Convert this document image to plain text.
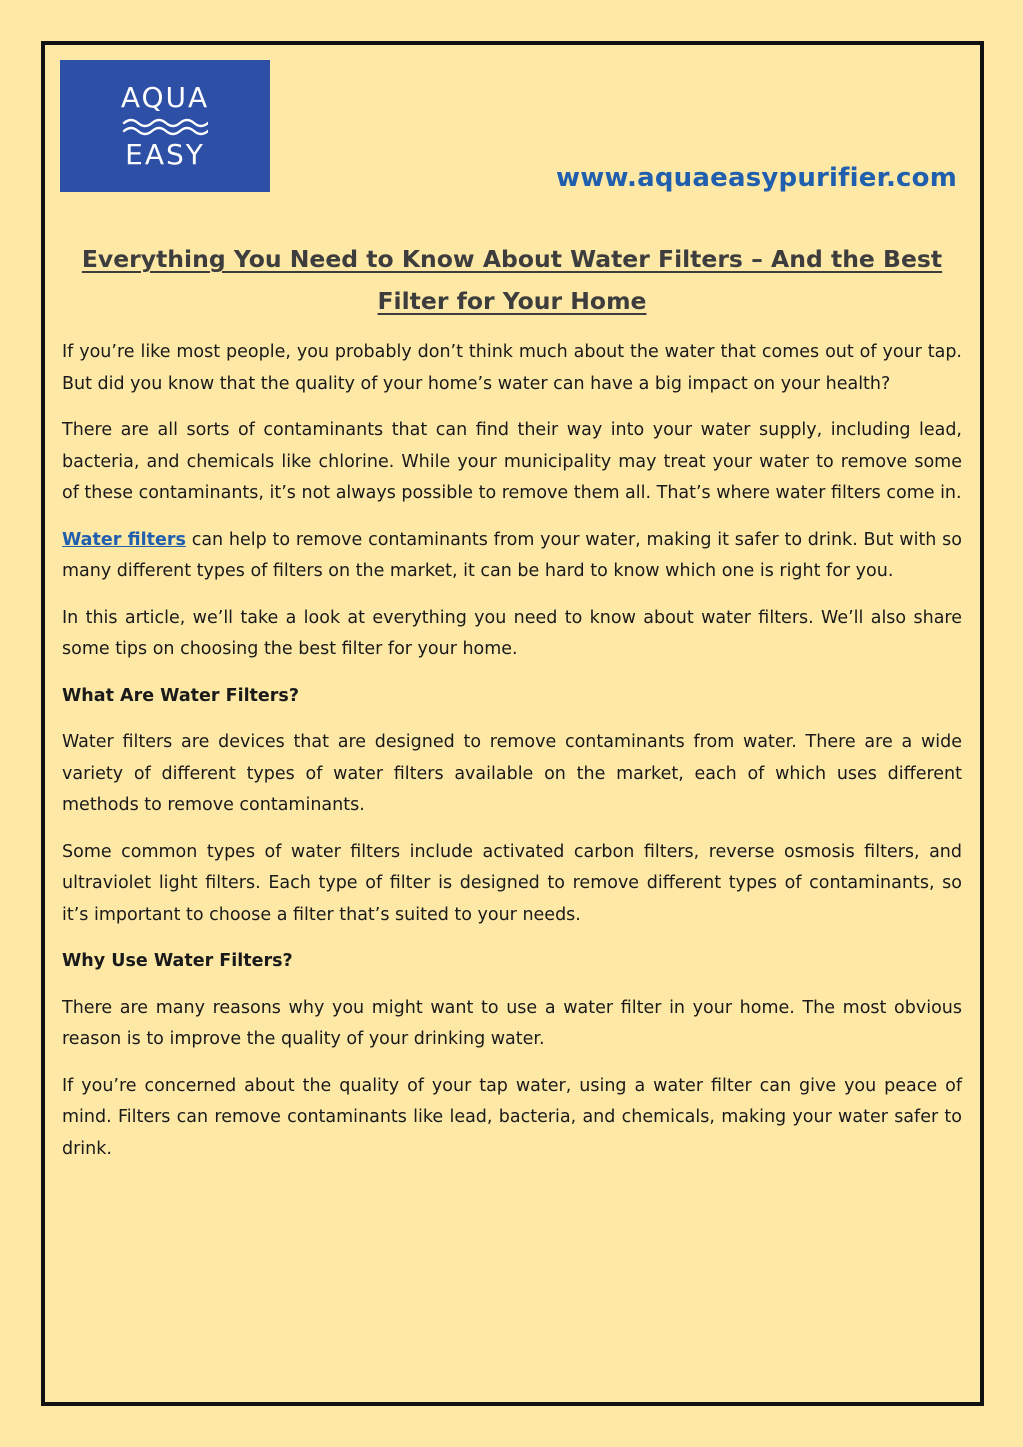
AQUA
EASY
www.aquaeasypurifier.com
Everything You Need to Know About Water Filters – And the Best Filter for Your Home

If you’re like most people, you probably don’t think much about the water that comes out of your tap. But did you know that the quality of your home’s water can have a big impact on your health?

There are all sorts of contaminants that can find their way into your water supply, including lead, bacteria, and chemicals like chlorine. While your municipality may treat your water to remove some of these contaminants, it’s not always possible to remove them all. That’s where water filters come in.

Water filters can help to remove contaminants from your water, making it safer to drink. But with so many different types of filters on the market, it can be hard to know which one is right for you.

In this article, we’ll take a look at everything you need to know about water filters. We’ll also share some tips on choosing the best filter for your home.

What Are Water Filters?

Water filters are devices that are designed to remove contaminants from water. There are a wide variety of different types of water filters available on the market, each of which uses different methods to remove contaminants.

Some common types of water filters include activated carbon filters, reverse osmosis filters, and ultraviolet light filters. Each type of filter is designed to remove different types of contaminants, so it’s important to choose a filter that’s suited to your needs.

Why Use Water Filters?

There are many reasons why you might want to use a water filter in your home. The most obvious reason is to improve the quality of your drinking water.

If you’re concerned about the quality of your tap water, using a water filter can give you peace of mind. Filters can remove contaminants like lead, bacteria, and chemicals, making your water safer to drink.
